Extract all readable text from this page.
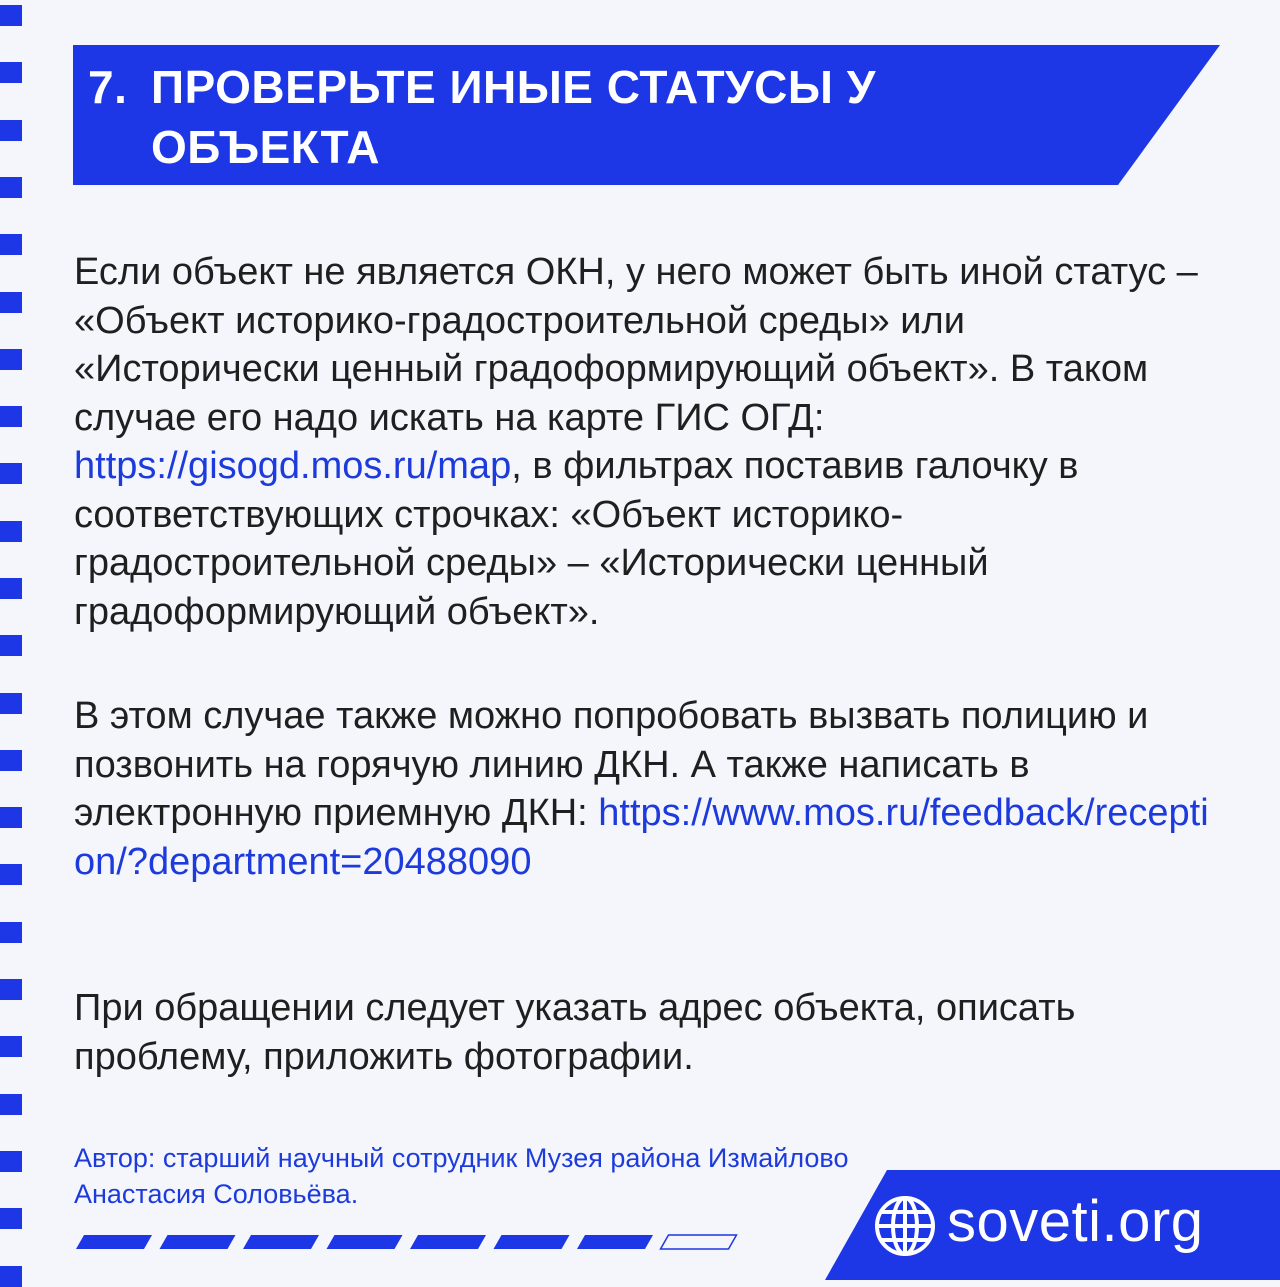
7. ПРОВЕРЬТЕ ИНЫЕ СТАТУСЫ У ОБЪЕКТА
Если объект не является ОКН, у него может быть иной статус – «Объект историко-градостроительной среды» или «Исторически ценный градоформирующий объект». В таком случае его надо искать на карте ГИС ОГД: https://gisogd.mos.ru/map, в фильтрах поставив галочку в соответствующих строчках: «Объект историко-градостроительной среды» – «Исторически ценный градоформирующий объект».
В этом случае также можно попробовать вызвать полицию и позвонить на горячую линию ДКН. А также написать в электронную приемную ДКН: https://www.mos.ru/feedback/reception/?department=20488090
При обращении следует указать адрес объекта, описать проблему, приложить фотографии.
Автор: старший научный сотрудник Музея района Измайлово Анастасия Соловьёва.	soveti.org
